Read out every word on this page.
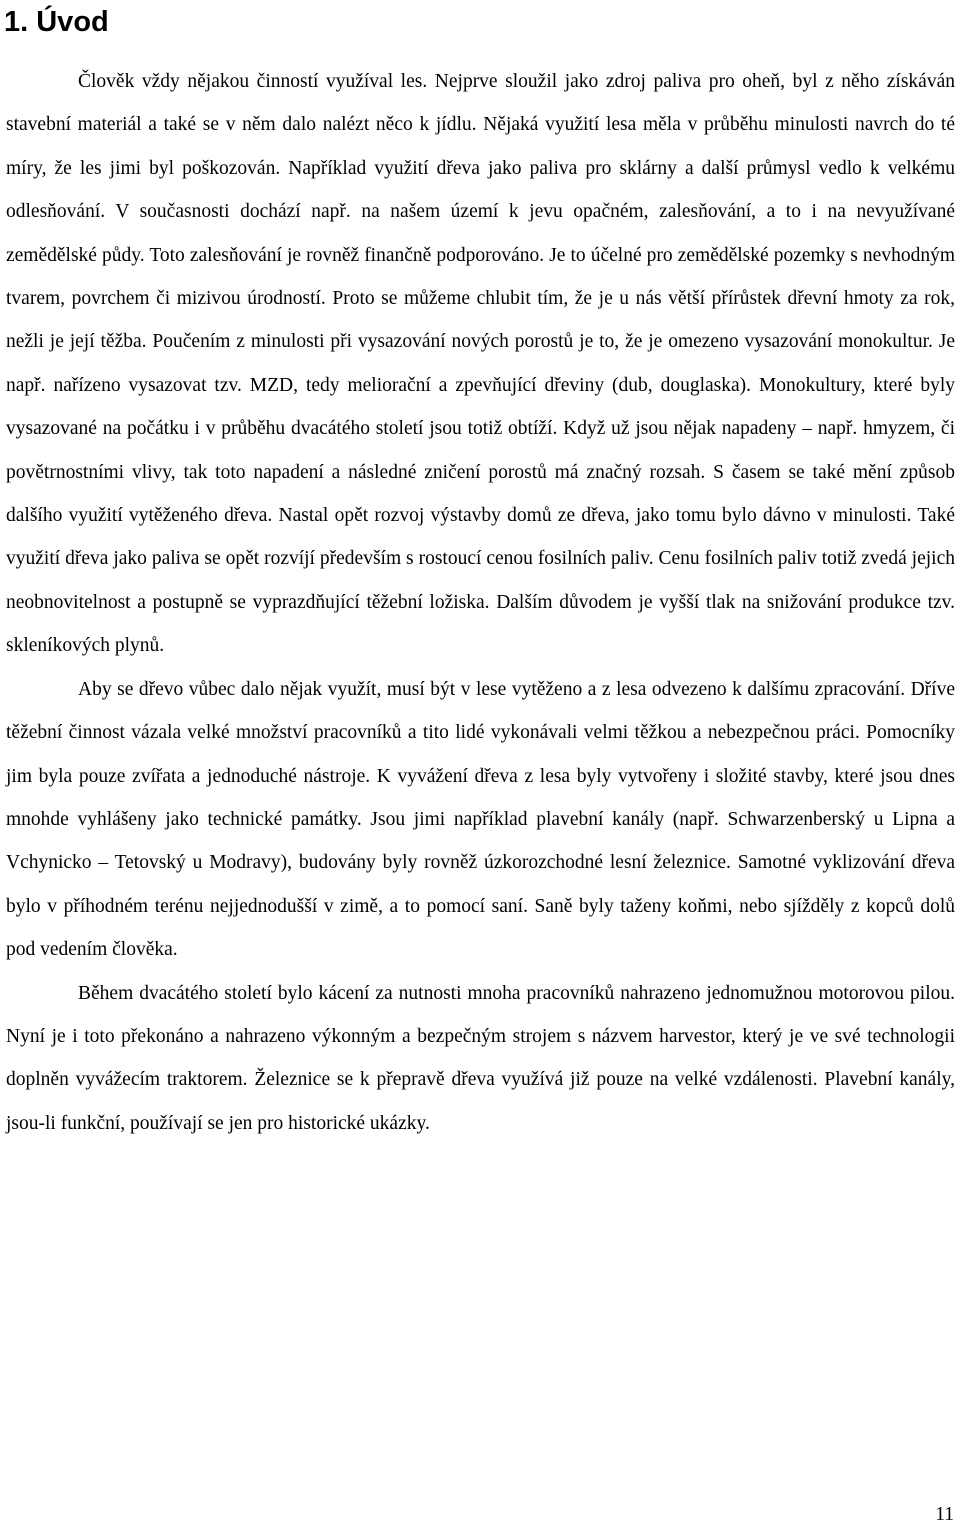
1. Úvod

Člověk vždy nějakou činností využíval les. Nejprve sloužil jako zdroj paliva pro oheň, byl z něho získáván stavební materiál a také se v něm dalo nalézt něco k jídlu. Nějaká využití lesa měla v průběhu minulosti navrch do té míry, že les jimi byl poškozován. Například využití dřeva jako paliva pro sklárny a další průmysl vedlo k velkému odlesňování. V současnosti dochází např. na našem území k jevu opačném, zalesňování, a to i na nevyužívané zemědělské půdy. Toto zalesňování je rovněž finančně podporováno. Je to účelné pro zemědělské pozemky s nevhodným tvarem, povrchem či mizivou úrodností. Proto se můžeme chlubit tím, že je u nás větší přírůstek dřevní hmoty za rok, nežli je její těžba. Poučením z minulosti při vysazování nových porostů je to, že je omezeno vysazování monokultur. Je např. nařízeno vysazovat tzv. MZD, tedy meliorační a zpevňující dřeviny (dub, douglaska). Monokultury, které byly vysazované na počátku i v průběhu dvacátého století jsou totiž obtíží. Když už jsou nějak napadeny – např. hmyzem, či povětrnostními vlivy, tak toto napadení a následné zničení porostů má značný rozsah. S časem se také mění způsob dalšího využití vytěženého dřeva. Nastal opět rozvoj výstavby domů ze dřeva, jako tomu bylo dávno v minulosti. Také využití dřeva jako paliva se opět rozvíjí především s rostoucí cenou fosilních paliv. Cenu fosilních paliv totiž zvedá jejich neobnovitelnost a postupně se vyprazdňující těžební ložiska. Dalším důvodem je vyšší tlak na snižování produkce tzv. skleníkových plynů.

Aby se dřevo vůbec dalo nějak využít, musí být v lese vytěženo a z lesa odvezeno k dalšímu zpracování. Dříve těžební činnost vázala velké množství pracovníků a tito lidé vykonávali velmi těžkou a nebezpečnou práci. Pomocníky jim byla pouze zvířata a jednoduché nástroje. K vyvážení dřeva z lesa byly vytvořeny i složité stavby, které jsou dnes mnohde vyhlášeny jako technické památky. Jsou jimi například plavební kanály (např. Schwarzenberský u Lipna a Vchynicko – Tetovský u Modravy), budovány byly rovněž úzkorozchodné lesní železnice. Samotné vyklizování dřeva bylo v příhodném terénu nejjednodušší v zimě, a to pomocí saní. Saně byly taženy koňmi, nebo sjížděly z kopců dolů pod vedením člověka.

Během dvacátého století bylo kácení za nutnosti mnoha pracovníků nahrazeno jednomužnou motorovou pilou. Nyní je i toto překonáno a nahrazeno výkonným a bezpečným strojem s názvem harvestor, který je ve své technologii doplněn vyvážecím traktorem. Železnice se k přepravě dřeva využívá již pouze na velké vzdálenosti. Plavební kanály, jsou-li funkční, používají se jen pro historické ukázky.

11
